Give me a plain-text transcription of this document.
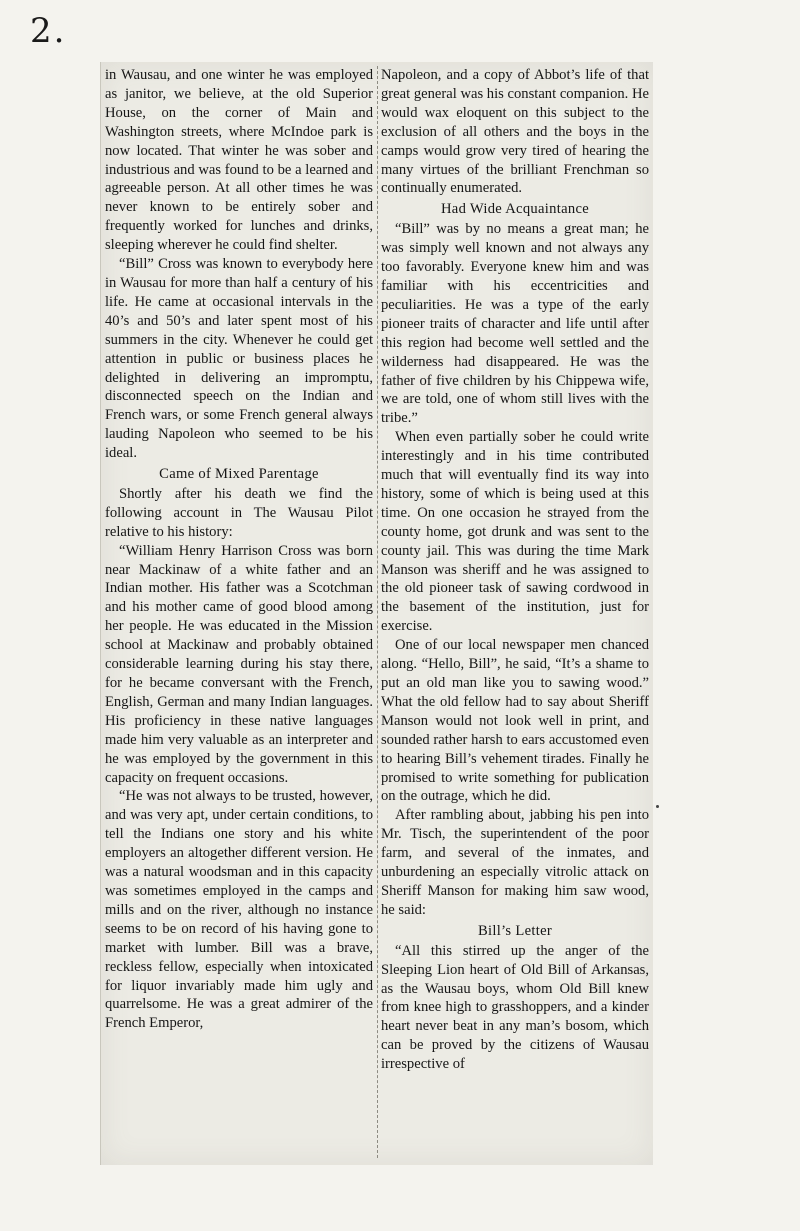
2.

in Wausau, and one winter he was employed as janitor, we believe, at the old Superior House, on the corner of Main and Washington streets, where McIndoe park is now located. That winter he was sober and industrious and was found to be a learned and agreeable person. At all other times he was never known to be entirely sober and frequently worked for lunches and drinks, sleeping wherever he could find shelter.

“Bill” Cross was known to everybody here in Wausau for more than half a century of his life. He came at occasional intervals in the 40’s and 50’s and later spent most of his summers in the city. Whenever he could get attention in public or business places he delighted in delivering an impromptu, disconnected speech on the Indian and French wars, or some French general always lauding Napoleon who seemed to be his ideal.

Came of Mixed Parentage

Shortly after his death we find the following account in The Wausau Pilot relative to his history:

“William Henry Harrison Cross was born near Mackinaw of a white father and an Indian mother. His father was a Scotchman and his mother came of good blood among her people. He was educated in the Mission school at Mackinaw and probably obtained considerable learning during his stay there, for he became conversant with the French, English, German and many Indian languages. His proficiency in these native languages made him very valuable as an interpreter and he was employed by the government in this capacity on frequent occasions.

“He was not always to be trusted, however, and was very apt, under certain conditions, to tell the Indians one story and his white employers an altogether different version. He was a natural woodsman and in this capacity was sometimes employed in the camps and mills and on the river, although no instance seems to be on record of his having gone to market with lumber. Bill was a brave, reckless fellow, especially when intoxicated for liquor invariably made him ugly and quarrelsome. He was a great admirer of the French Emperor,

Napoleon, and a copy of Abbot’s life of that great general was his constant companion. He would wax eloquent on this subject to the exclusion of all others and the boys in the camps would grow very tired of hearing the many virtues of the brilliant Frenchman so continually enumerated.

Had Wide Acquaintance

“Bill” was by no means a great man; he was simply well known and not always any too favorably. Everyone knew him and was familiar with his eccentricities and peculiarities. He was a type of the early pioneer traits of character and life until after this region had become well settled and the wilderness had disappeared. He was the father of five children by his Chippewa wife, we are told, one of whom still lives with the tribe.”

When even partially sober he could write interestingly and in his time contributed much that will eventually find its way into history, some of which is being used at this time. On one occasion he strayed from the county home, got drunk and was sent to the county jail. This was during the time Mark Manson was sheriff and he was assigned to the old pioneer task of sawing cordwood in the basement of the institution, just for exercise.

One of our local newspaper men chanced along. “Hello, Bill”, he said, “It’s a shame to put an old man like you to sawing wood.” What the old fellow had to say about Sheriff Manson would not look well in print, and sounded rather harsh to ears accustomed even to hearing Bill’s vehement tirades. Finally he promised to write something for publication on the outrage, which he did.

After rambling about, jabbing his pen into Mr. Tisch, the superintendent of the poor farm, and several of the inmates, and unburdening an especially vitrolic attack on Sheriff Manson for making him saw wood, he said:

Bill’s Letter

“All this stirred up the anger of the Sleeping Lion heart of Old Bill of Arkansas, as the Wausau boys, whom Old Bill knew from knee high to grasshoppers, and a kinder heart never beat in any man’s bosom, which can be proved by the citizens of Wausau irrespective of
